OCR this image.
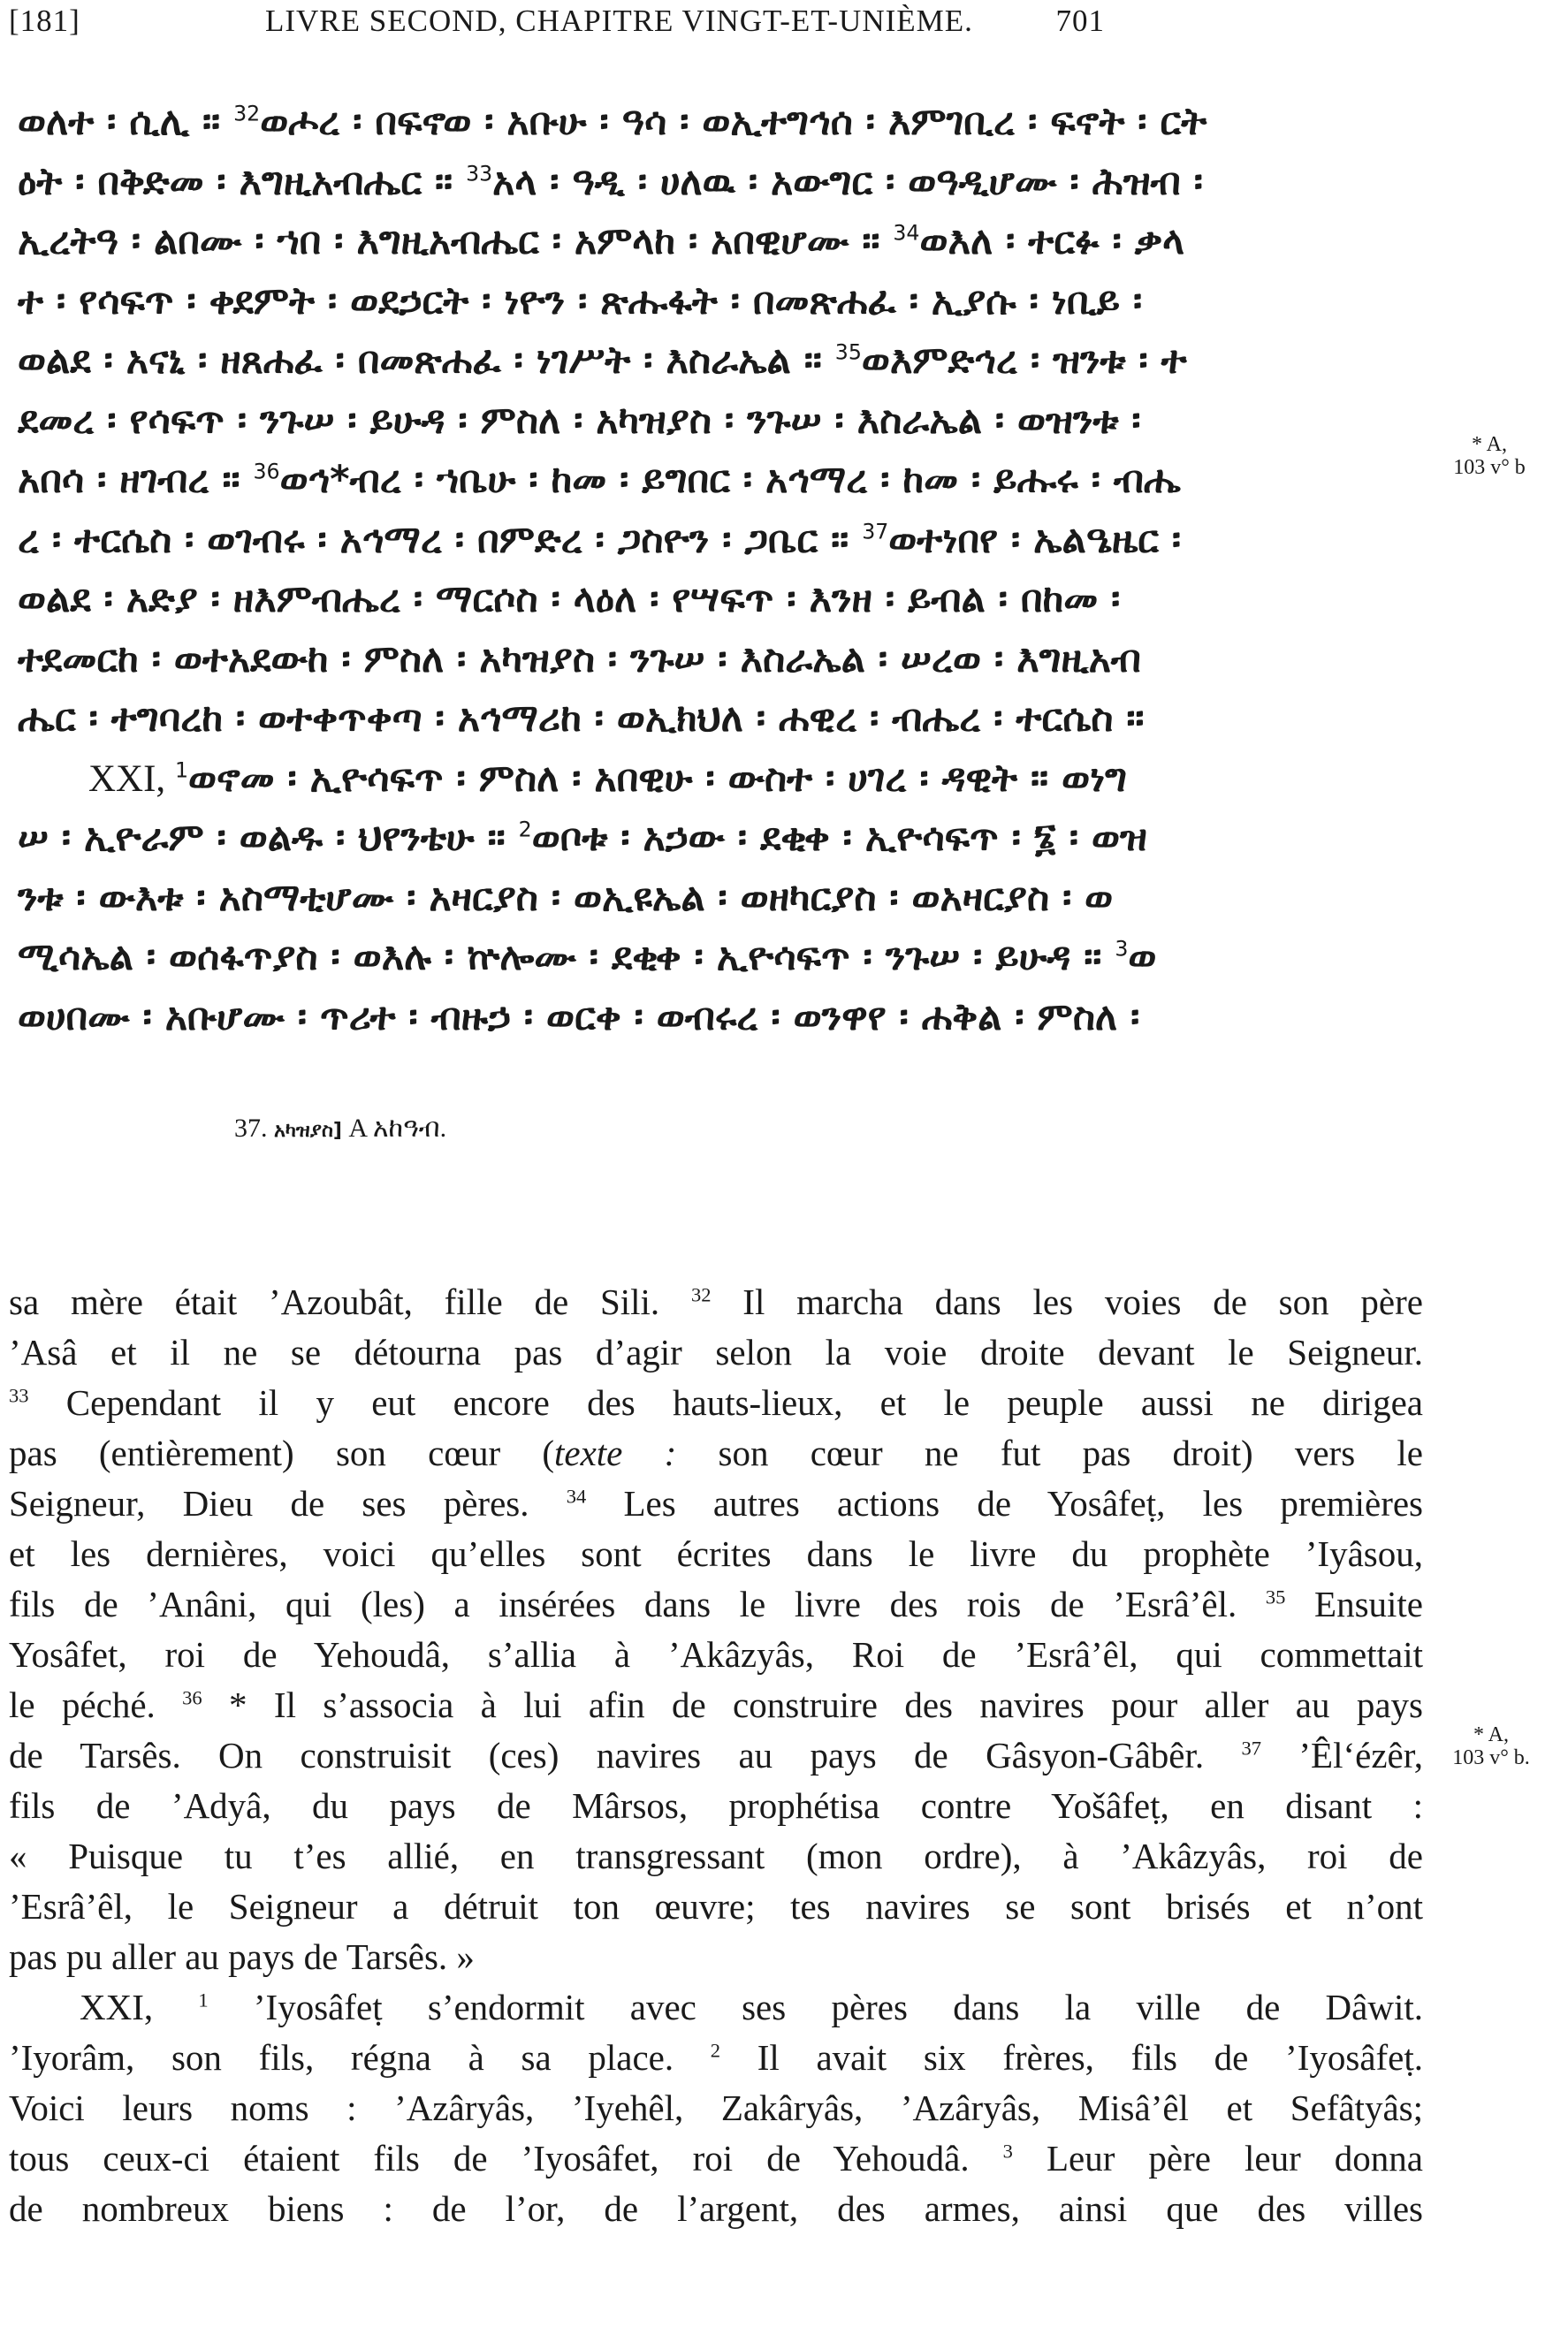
[181]	LIVRE SECOND, CHAPITRE VINGT-ET-UNIÈME.	701
ወለተ ፡ ሲሊ ። $^{32}$ወሖረ ፡ በፍኖወ ፡ አቡሁ ፡ ዓሳ ፡ ወኢተግኅሰ ፡ እምገቢረ ፡ ፍኖት ፡ ርት
ዕት ፡ በቅድመ ፡ እግዚአብሔር ። $^{33}$አላ ፡ ዓዲ ፡ ሀለዉ ፡ አውግር ፡ ወዓዲሆሙ ፡ ሕዝብ ፡
ኢረትዓ ፡ ልበሙ ፡ ኀበ ፡ እግዚአብሔር ፡ አምላከ ፡ አበዊሆሙ ። $^{34}$ወእለ ፡ ተርፉ ፡ ቃላ
ተ ፡ የሳፍጥ ፡ ቀደምት ፡ ወደኃርት ፡ ነዮን ፡ ጽሑፋት ፡ በመጽሐፈ ፡ ኢያሱ ፡ ነቢይ ፡
ወልደ ፡ አናኒ ፡ ዘጸሐፈ ፡ በመጽሐፈ ፡ ነገሥት ፡ እስራኤል ። $^{35}$ወእምድኅረ ፡ ዝንቱ ፡ ተ
ደመረ ፡ የሳፍጥ ፡ ንጉሠ ፡ ይሁዳ ፡ ምስለ ፡ አካዝያስ ፡ ንጉሠ ፡ እስራኤል ፡ ወዝንቱ ፡
አበሳ ፡ ዘገብረ ። $^{36}$ወኅ*ብረ ፡ ኀቤሁ ፡ ከመ ፡ ይግበር ፡ አኅማረ ፡ ከመ ፡ ይሑሩ ፡ ብሔ
ረ ፡ ተርሴስ ፡ ወገብሩ ፡ አኅማረ ፡ በምድረ ፡ ጋስዮን ፡ ጋቤር ። $^{37}$ወተነበየ ፡ ኤልዔዜር ፡
ወልደ ፡ አድያ ፡ ዘእምብሔረ ፡ ማርሶስ ፡ ላዕለ ፡ የሣፍጥ ፡ እንዘ ፡ ይብል ፡ በከመ ፡
ተደመርከ ፡ ወተአደውከ ፡ ምስለ ፡ አካዝያስ ፡ ንጉሠ ፡ እስራኤል ፡ ሠረወ ፡ እግዚአብ
ሔር ፡ ተግባረከ ፡ ወተቀጥቀጣ ፡ አኅማሪከ ፡ ወኢክህለ ፡ ሐዊረ ፡ ብሔረ ፡ ተርሴስ ።
XXI, $^1$ወኖመ ፡ ኢዮሳፍጥ ፡ ምስለ ፡ አበዊሁ ፡ ውስተ ፡ ሀገረ ፡ ዳዊት ። ወነግ
ሠ ፡ ኢዮራም ፡ ወልዱ ፡ ህየንቴሁ ። $^2$ወቦቱ ፡ አኃው ፡ ደቂቀ ፡ ኢዮሳፍጥ ፡ ፮ ፡ ወዝ
ንቱ ፡ ውእቱ ፡ አስማቲሆሙ ፡ አዛርያስ ፡ ወኢዩኤል ፡ ወዘካርያስ ፡ ወአዛርያስ ፡ ወ
ሚሳኤል ፡ ወሰፋጥያስ ፡ ወእሉ ፡ ኵሎሙ ፡ ደቂቀ ፡ ኢዮሳፍጥ ፡ ንጉሠ ፡ ይሁዳ ። $^3$ወ
ወሀበሙ ፡ አቡሆሙ ፡ ጥሪተ ፡ ብዙኃ ፡ ወርቀ ፡ ወብሩረ ፡ ወንዋየ ፡ ሐቅል ፡ ምስለ ፡
* A,
103 v° b
37. አካዝያስ] A አከዓብ.
sa mère était ’Azoubât, fille de Sili. $^{32}$ Il marcha dans les voies de son père
’Asâ et il ne se détourna pas d’agir selon la voie droite devant le Seigneur.
$^{33}$ Cependant il y eut encore des hauts-lieux, et le peuple aussi ne dirigea
pas (entièrement) son cœur (texte : son cœur ne fut pas droit) vers le
Seigneur, Dieu de ses pères. $^{34}$ Les autres actions de Yosâfeṭ, les premières
et les dernières, voici qu’elles sont écrites dans le livre du prophète ’Iyâsou,
fils de ’Anâni, qui (les) a insérées dans le livre des rois de ’Esrâ’êl. $^{35}$ Ensuite
Yosâfet, roi de Yehoudâ, s’allia à ’Akâzyâs, Roi de ’Esrâ’êl, qui commettait
le péché. $^{36}$ * Il s’associa à lui afin de construire des navires pour aller au pays
de Tarsês. On construisit (ces) navires au pays de Gâsyon-Gâbêr. $^{37}$ ’Êl‘ézêr,
fils de ’Adyâ, du pays de Mârsos, prophétisa contre Yošâfeṭ, en disant :
« Puisque tu t’es allié, en transgressant (mon ordre), à ’Akâzyâs, roi de
’Esrâ’êl, le Seigneur a détruit ton œuvre; tes navires se sont brisés et n’ont
pas pu aller au pays de Tarsês. »
XXI, $^1$ ’Iyosâfeṭ s’endormit avec ses pères dans la ville de Dâwit.
’Iyorâm, son fils, régna à sa place. $^2$ Il avait six frères, fils de ’Iyosâfeṭ.
Voici leurs noms : ’Azâryâs, ’Iyehêl, Zakâryâs, ’Azâryâs, Misâ’êl et Sefâtyâs;
tous ceux-ci étaient fils de ’Iyosâfet, roi de Yehoudâ. $^3$ Leur père leur donna
de nombreux biens : de l’or, de l’argent, des armes, ainsi que des villes
* A,
103 v° b.
